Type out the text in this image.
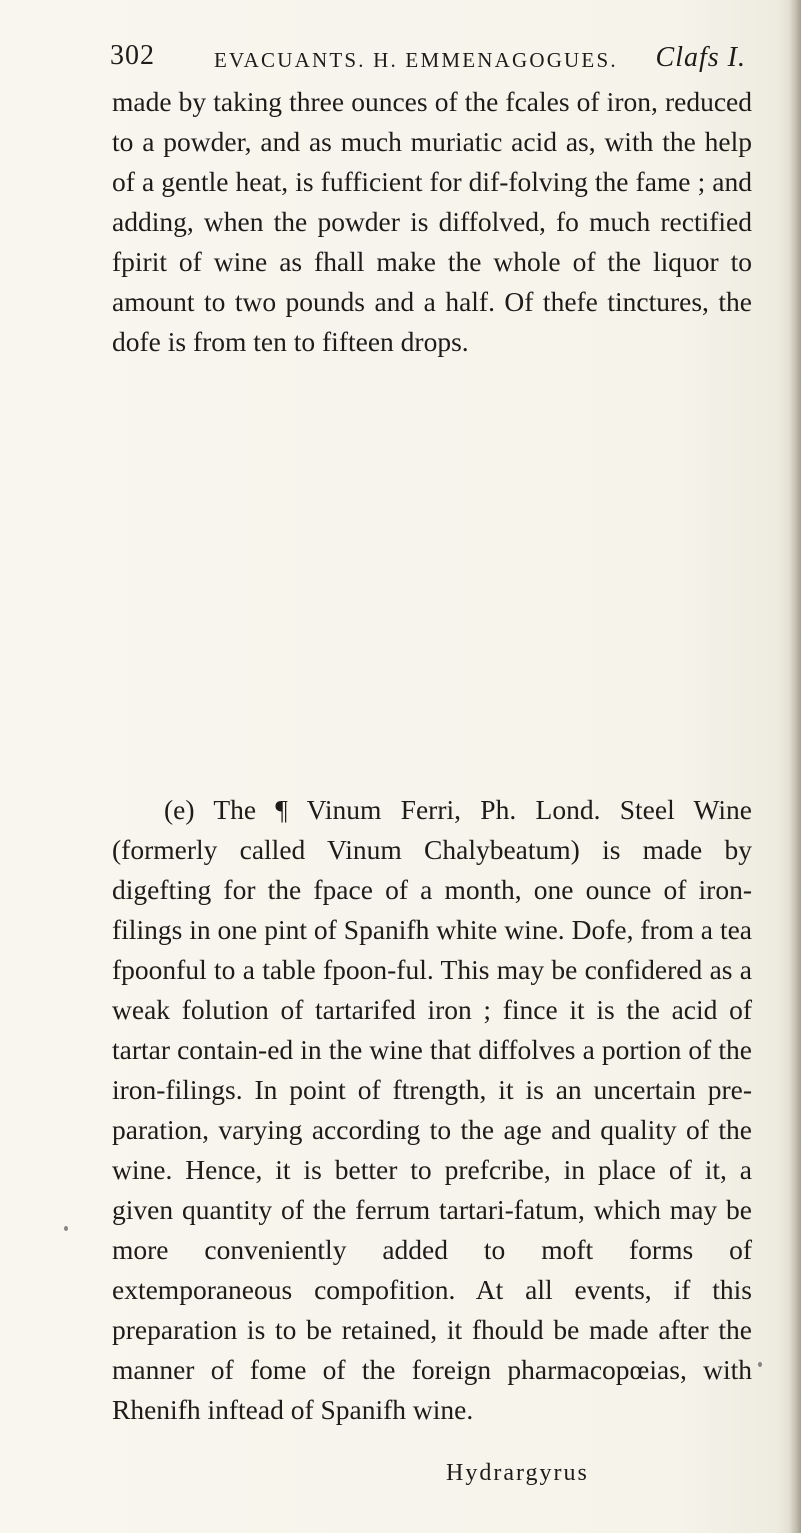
302	EVACUANTS. H. EMMENAGOGUES. Clafs I.

made by taking three ounces of the fcales of iron, reduced to a powder, and as much muriatic acid as, with the help of a gentle heat, is fufficient for dif-folving the fame ; and adding, when the powder is diffolved, fo much rectified fpirit of wine as fhall make the whole of the liquor to amount to two pounds and a half. Of thefe tinctures, the dofe is from ten to fifteen drops.

(e) The ¶ Vinum Ferri, Ph. Lond. Steel Wine (formerly called Vinum Chalybeatum) is made by digefting for the fpace of a month, one ounce of iron-filings in one pint of Spanifh white wine. Dofe, from a tea fpoonful to a table fpoon-ful. This may be confidered as a weak folution of tartarifed iron ; fince it is the acid of tartar contain-ed in the wine that diffolves a portion of the iron-filings. In point of ftrength, it is an uncertain pre-paration, varying according to the age and quality of the wine. Hence, it is better to prefcribe, in place of it, a given quantity of the ferrum tartari-fatum, which may be more conveniently added to moft forms of extemporaneous compofition. At all events, if this preparation is to be retained, it fhould be made after the manner of fome of the foreign pharmacopœias, with Rhenifh inftead of Spanifh wine.

Hydrargyrus
